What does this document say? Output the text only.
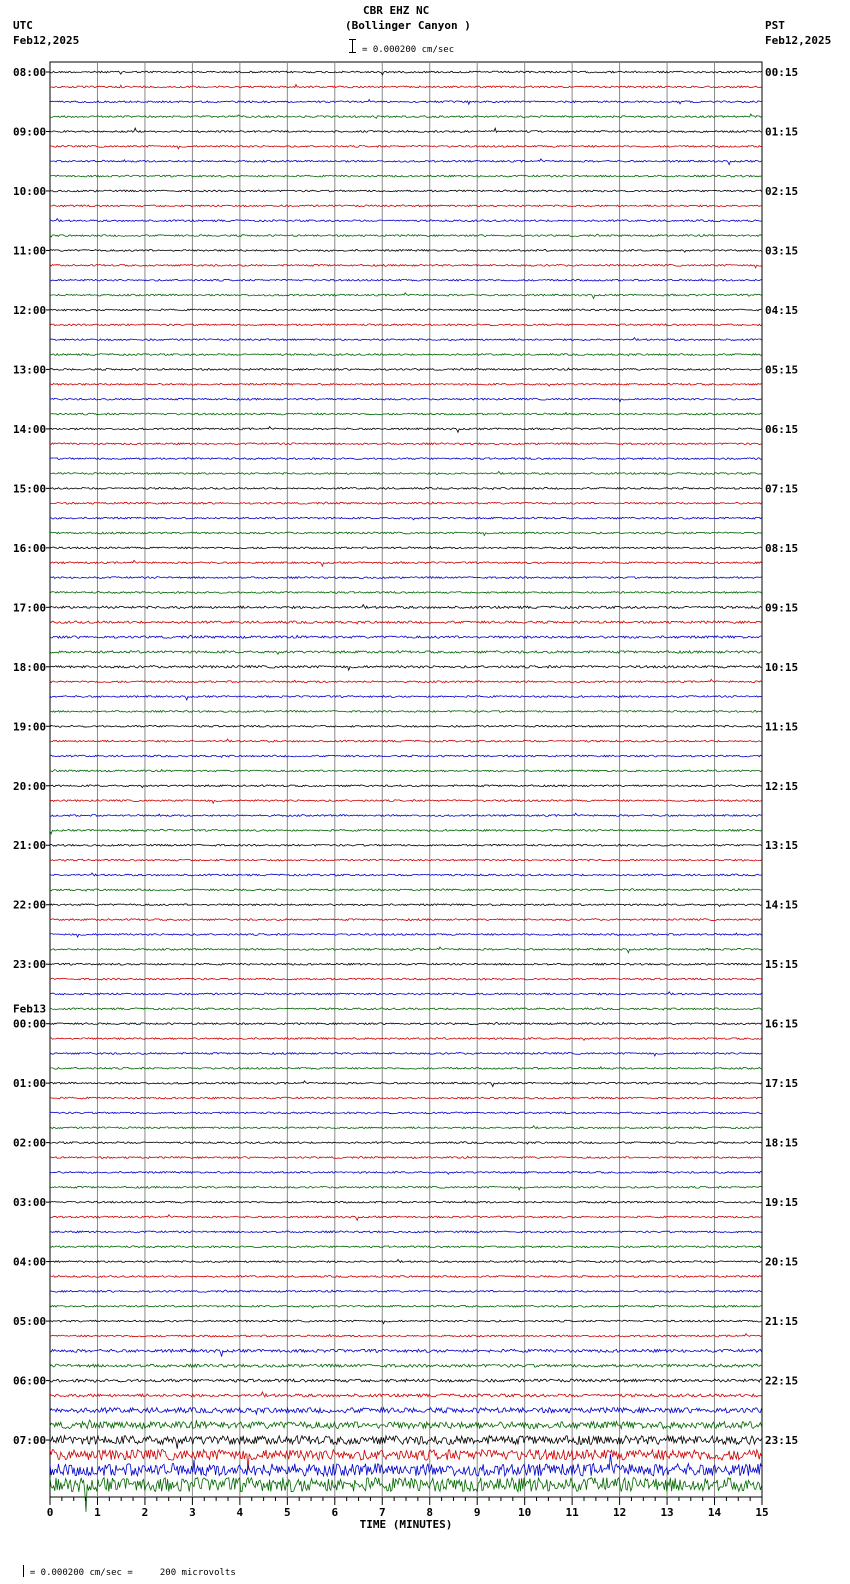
CBR EHZ NC
(Bollinger Canyon )
UTC
Feb12,2025
PST
Feb12,2025
= 0.000200 cm/sec
0	1	2	3	4	5	6	7	8	9	10	11	12	13	14	15
TIME (MINUTES)
08:00
09:00
10:00
11:00
12:00
13:00
14:00
15:00
16:00
17:00
18:00
19:00
20:00
21:00
22:00
23:00
00:00
01:00
02:00
03:00
04:00
05:00
06:00
07:00
00:15
01:15
02:15
03:15
04:15
05:15
06:15
07:15
08:15
09:15
10:15
11:15
12:15
13:15
14:15
15:15
16:15
17:15
18:15
19:15
20:15
21:15
22:15
23:15
Feb13

= 0.000200 cm/sec =     200 microvolts
